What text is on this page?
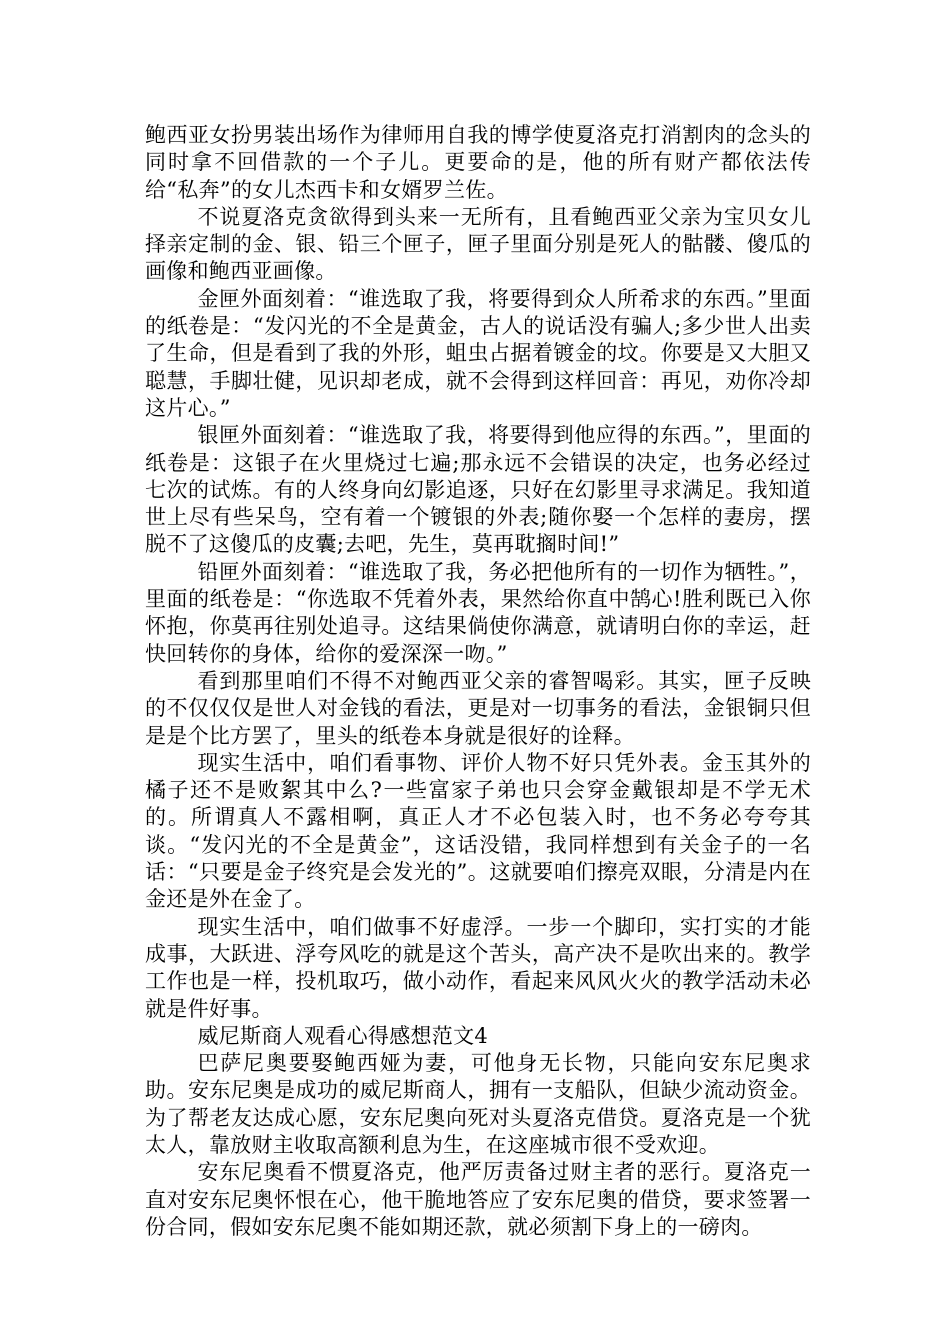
鲍西亚女扮男装出场作为律师用自我的博学使夏洛克打消割肉的念头的同时拿不回借款的一个子儿。更要命的是，他的所有财产都依法传给“私奔”的女儿杰西卡和女婿罗兰佐。

不说夏洛克贪欲得到头来一无所有，且看鲍西亚父亲为宝贝女儿择亲定制的金、银、铅三个匣子，匣子里面分别是死人的骷髅、傻瓜的画像和鲍西亚画像。

金匣外面刻着：“谁选取了我，将要得到众人所希求的东西。”里面的纸卷是：“发闪光的不全是黄金，古人的说话没有骗人;多少世人出卖了生命，但是看到了我的外形，蛆虫占据着镀金的坟。你要是又大胆又聪慧，手脚壮健，见识却老成，就不会得到这样回音：再见，劝你冷却这片心。”

银匣外面刻着：“谁选取了我，将要得到他应得的东西。”，里面的纸卷是：这银子在火里烧过七遍;那永远不会错误的决定，也务必经过七次的试炼。有的人终身向幻影追逐，只好在幻影里寻求满足。我知道世上尽有些呆鸟，空有着一个镀银的外表;随你娶一个怎样的妻房，摆脱不了这傻瓜的皮囊;去吧，先生，莫再耽搁时间!”

铅匣外面刻着：“谁选取了我，务必把他所有的一切作为牺牲。”，里面的纸卷是：“你选取不凭着外表，果然给你直中鹄心!胜利既已入你怀抱，你莫再往别处追寻。这结果倘使你满意，就请明白你的幸运，赶快回转你的身体，给你的爱深深一吻。”

看到那里咱们不得不对鲍西亚父亲的睿智喝彩。其实，匣子反映的不仅仅仅是世人对金钱的看法，更是对一切事务的看法，金银铜只但是是个比方罢了，里头的纸卷本身就是很好的诠释。

现实生活中，咱们看事物、评价人物不好只凭外表。金玉其外的橘子还不是败絮其中么?一些富家子弟也只会穿金戴银却是不学无术的。所谓真人不露相啊，真正人才不必包装入时，也不务必夸夸其谈。“发闪光的不全是黄金”，这话没错，我同样想到有关金子的一名话：“只要是金子终究是会发光的”。这就要咱们擦亮双眼，分清是内在金还是外在金了。

现实生活中，咱们做事不好虚浮。一步一个脚印，实打实的才能成事，大跃进、浮夸风吃的就是这个苦头，高产决不是吹出来的。教学工作也是一样，投机取巧，做小动作，看起来风风火火的教学活动未必就是件好事。

威尼斯商人观看心得感想范文4

巴萨尼奥要娶鲍西娅为妻，可他身无长物，只能向安东尼奥求助。安东尼奥是成功的威尼斯商人，拥有一支船队，但缺少流动资金。为了帮老友达成心愿，安东尼奥向死对头夏洛克借贷。夏洛克是一个犹太人，靠放财主收取高额利息为生，在这座城市很不受欢迎。

安东尼奥看不惯夏洛克，他严厉责备过财主者的恶行。夏洛克一直对安东尼奥怀恨在心，他干脆地答应了安东尼奥的借贷，要求签署一份合同，假如安东尼奥不能如期还款，就必须割下身上的一磅肉。
